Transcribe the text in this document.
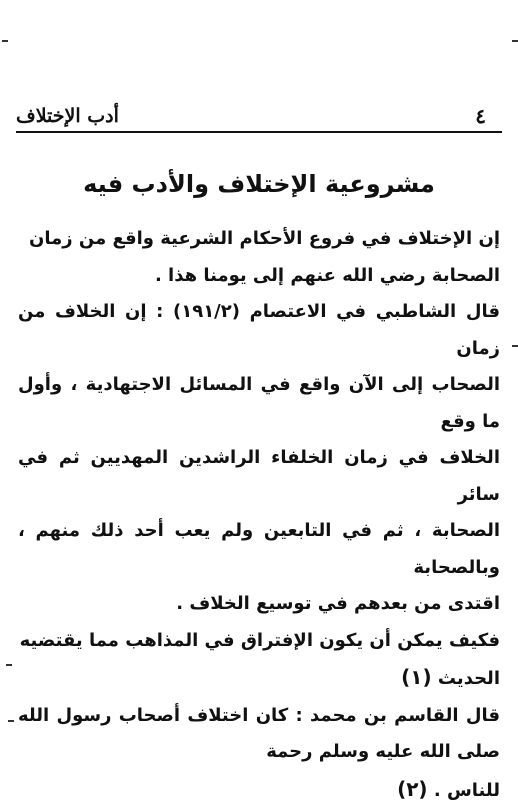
أدب الإختلاف	٤
مشروعية الإختلاف والأدب فيه

إن الإختلاف في فروع الأحكام الشرعية واقع من زمان
الصحابة رضي الله عنهم إلى يومنا هذا .

قال الشاطبي في الاعتصام (١٩١/٢) : إن الخلاف من زمان
الصحاب إلى الآن واقع في المسائل الاجتهادية ، وأول ما وقع
الخلاف في زمان الخلفاء الراشدين المهديين ثم في سائر
الصحابة ، ثم في التابعين ولم يعب أحد ذلك منهم ، وبالصحابة
اقتدى من بعدهم في توسيع الخلاف .

فكيف يمكن أن يكون الإفتراق في المذاهب مما يقتضيه
الحديث (١)

قال القاسم بن محمد : كان اختلاف أصحاب رسول الله صلى الله عليه وسلم رحمة
للناس . (٢)
